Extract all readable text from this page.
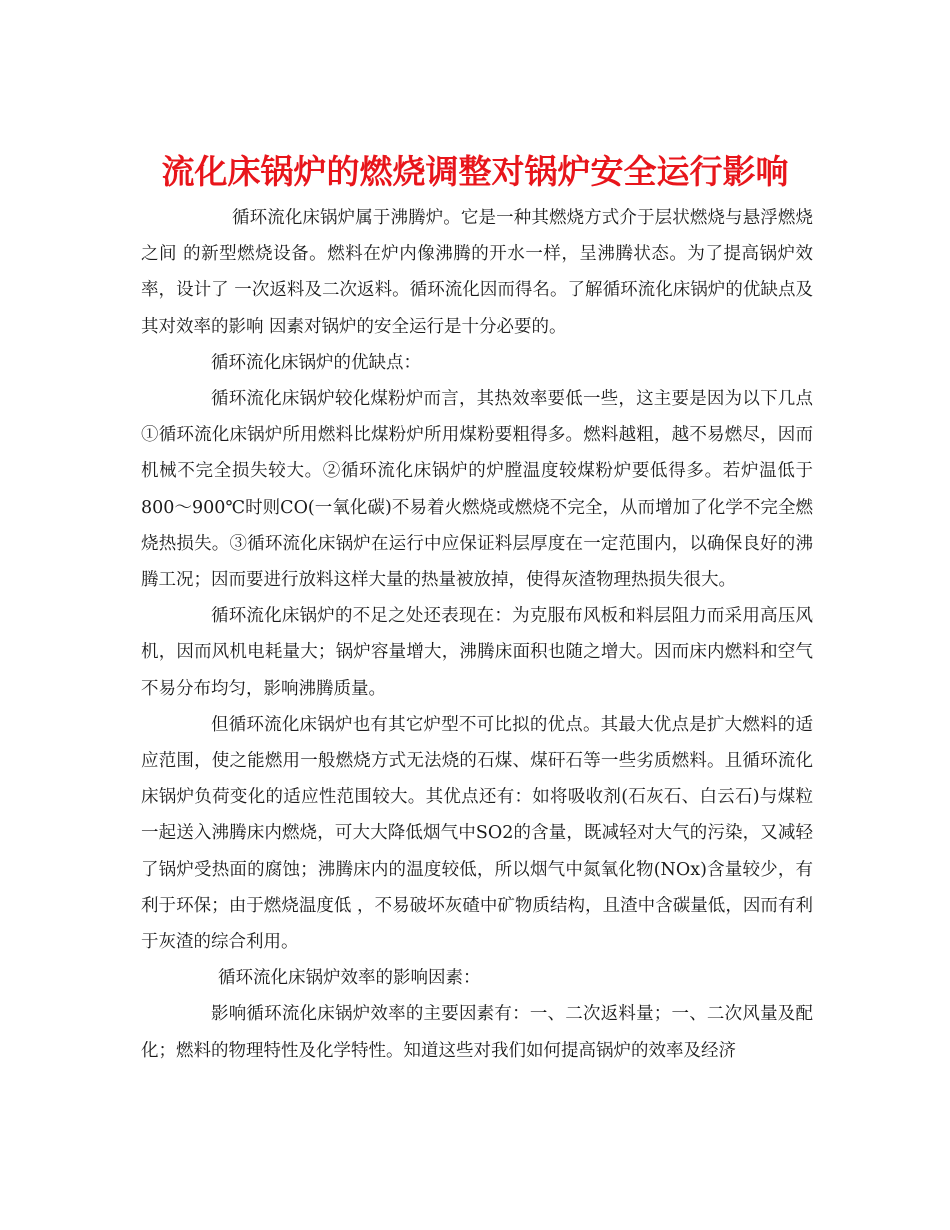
流化床锅炉的燃烧调整对锅炉安全运行影响

循环流化床锅炉属于沸腾炉。它是一种其燃烧方式介于层状燃烧与悬浮燃烧之间 的新型燃烧设备。燃料在炉内像沸腾的开水一样，呈沸腾状态。为了提高锅炉效率，设计了 一次返料及二次返料。循环流化因而得名。了解循环流化床锅炉的优缺点及其对效率的影响 因素对锅炉的安全运行是十分必要的。

循环流化床锅炉的优缺点：

循环流化床锅炉较化煤粉炉而言，其热效率要低一些，这主要是因为以下几点①循环流化床锅炉所用燃料比煤粉炉所用煤粉要粗得多。燃料越粗，越不易燃尽，因而机械不完全损失较大。②循环流化床锅炉的炉膛温度较煤粉炉要低得多。若炉温低于800～900℃时则CO(一氧化碳)不易着火燃烧或燃烧不完全，从而增加了化学不完全燃烧热损失。③循环流化床锅炉在运行中应保证料层厚度在一定范围内，以确保良好的沸腾工况；因而要进行放料这样大量的热量被放掉，使得灰渣物理热损失很大。

循环流化床锅炉的不足之处还表现在：为克服布风板和料层阻力而采用高压风机，因而风机电耗量大；锅炉容量增大，沸腾床面积也随之增大。因而床内燃料和空气不易分布均匀，影响沸腾质量。

但循环流化床锅炉也有其它炉型不可比拟的优点。其最大优点是扩大燃料的适应范围，使之能燃用一般燃烧方式无法烧的石煤、煤矸石等一些劣质燃料。且循环流化床锅炉负荷变化的适应性范围较大。其优点还有：如将吸收剂(石灰石、白云石)与煤粒一起送入沸腾床内燃烧，可大大降低烟气中SO2的含量，既减轻对大气的污染，又减轻了锅炉受热面的腐蚀；沸腾床内的温度较低，所以烟气中氮氧化物(NOx)含量较少，有利于环保；由于燃烧温度低 ，不易破坏灰碴中矿物质结构，且渣中含碳量低，因而有利于灰渣的综合利用。

循环流化床锅炉效率的影响因素：

影响循环流化床锅炉效率的主要因素有：一、二次返料量；一、二次风量及配化；燃料的物理特性及化学特性。知道这些对我们如何提高锅炉的效率及经济
